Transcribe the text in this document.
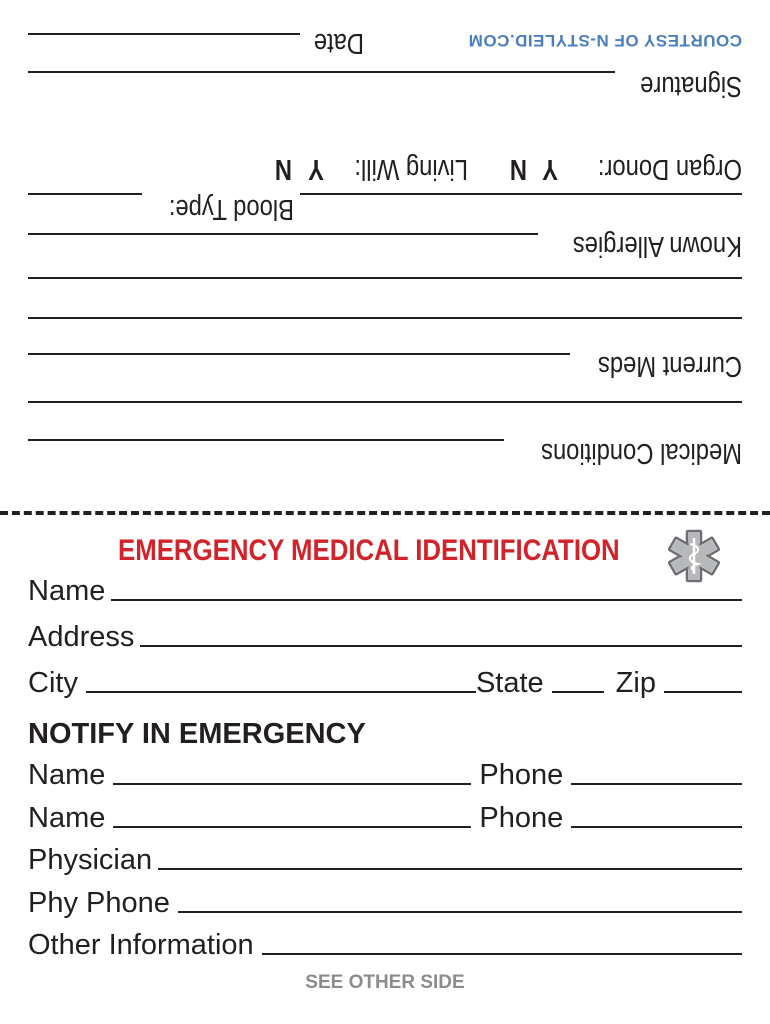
COURTESY OF N-STYLEID.COM
Date
Signature
Organ Donor:
Y
N
Living Will:
Y
N
Blood Type:
Known Allergies
Current Meds
Medical Conditions
EMERGENCY MEDICAL IDENTIFICATION
Name
Address
City	State Zip
NOTIFY IN EMERGENCY
Name	Phone
Name	Phone
Physician
Phy Phone
Other Information
SEE OTHER SIDE
